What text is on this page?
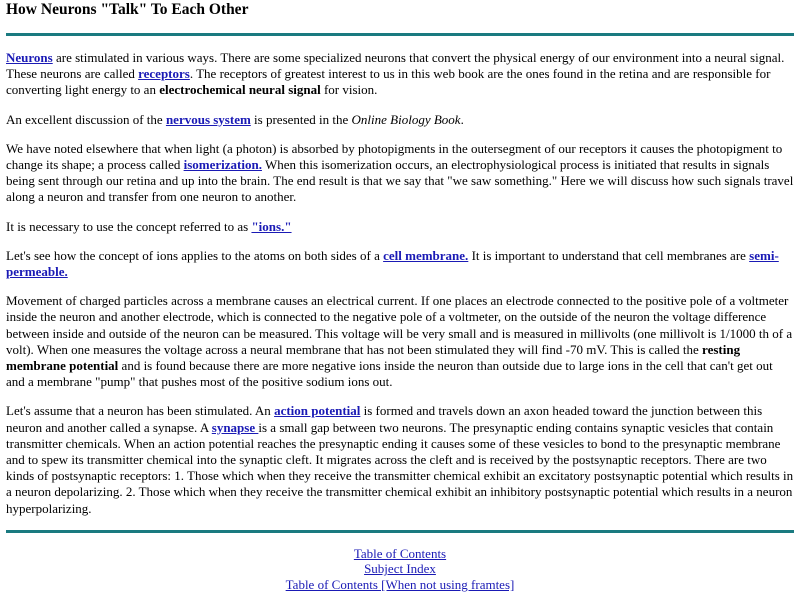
How Neurons "Talk" To Each Other

Neurons are stimulated in various ways. There are some specialized neurons that convert the physical energy of our environment into a neural signal. These neurons are called receptors. The receptors of greatest interest to us in this web book are the ones found in the retina and are responsible for converting light energy to an electrochemical neural signal for vision.

An excellent discussion of the nervous system is presented in the Online Biology Book.

We have noted elsewhere that when light (a photon) is absorbed by photopigments in the outersegment of our receptors it causes the photopigment to change its shape; a process called isomerization. When this isomerization occurs, an electrophysiological process is initiated that results in signals being sent through our retina and up into the brain. The end result is that we say that "we saw something." Here we will discuss how such signals travel along a neuron and transfer from one neuron to another.

It is necessary to use the concept referred to as "ions."

Let's see how the concept of ions applies to the atoms on both sides of a cell membrane. It is important to understand that cell membranes are semi-permeable.

Movement of charged particles across a membrane causes an electrical current. If one places an electrode connected to the positive pole of a voltmeter inside the neuron and another electrode, which is connected to the negative pole of a voltmeter, on the outside of the neuron the voltage difference between inside and outside of the neuron can be measured. This voltage will be very small and is measured in millivolts (one millivolt is 1/1000 th of a volt). When one measures the voltage across a neural membrane that has not been stimulated they will find -70 mV. This is called the resting membrane potential and is found because there are more negative ions inside the neuron than outside due to large ions in the cell that can't get out and a membrane "pump" that pushes most of the positive sodium ions out.

Let's assume that a neuron has been stimulated. An action potential is formed and travels down an axon headed toward the junction between this neuron and another called a synapse. A synapse is a small gap between two neurons. The presynaptic ending contains synaptic vesicles that contain transmitter chemicals. When an action potential reaches the presynaptic ending it causes some of these vesicles to bond to the presynaptic membrane and to spew its transmitter chemical into the synaptic cleft. It migrates across the cleft and is received by the postsynaptic receptors. There are two kinds of postsynaptic receptors: 1. Those which when they receive the transmitter chemical exhibit an excitatory postsynaptic potential which results in a neuron depolarizing. 2. Those which when they receive the transmitter chemical exhibit an inhibitory postsynaptic potential which results in a neuron hyperpolarizing.

Table of Contents
Subject Index
Table of Contents [When not using framtes]
